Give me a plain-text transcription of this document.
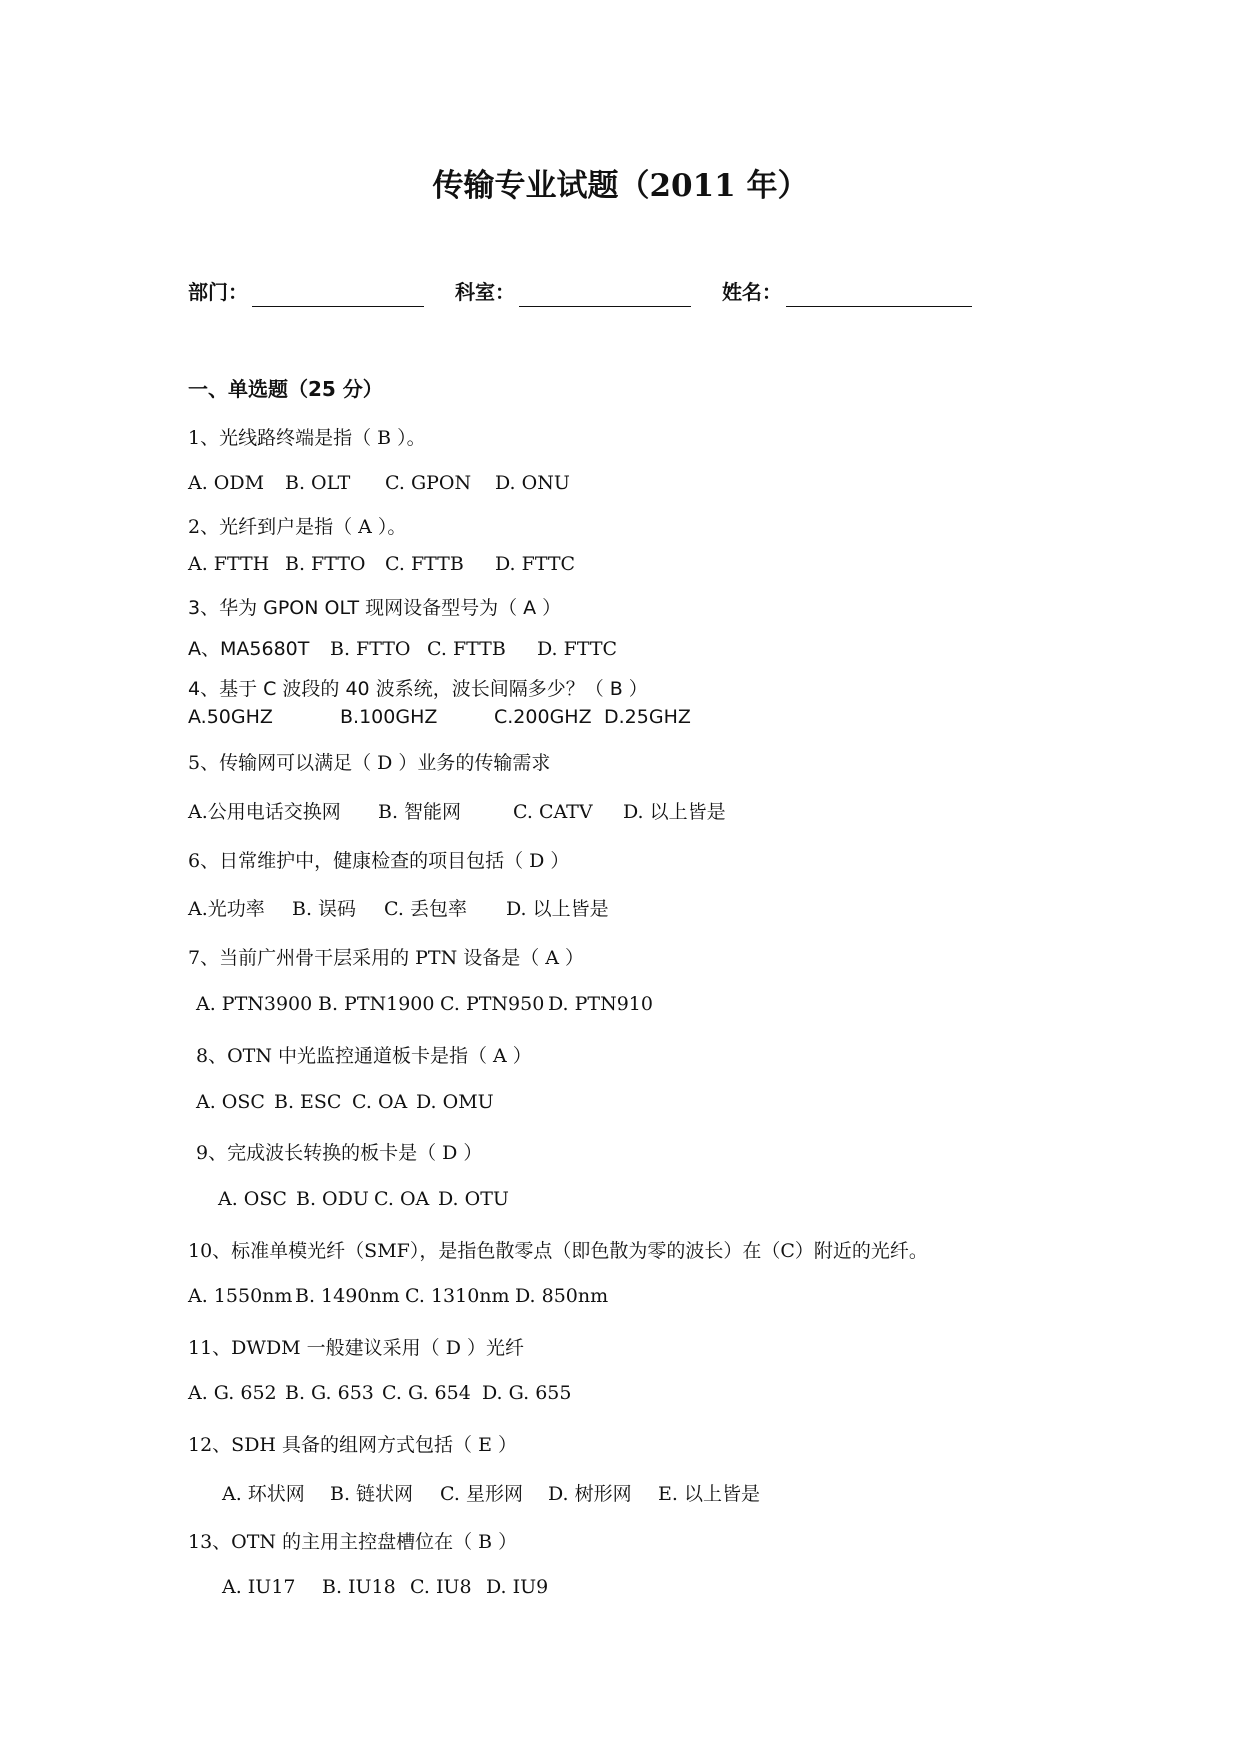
传输专业试题（2011 年）
部门：	科室：	姓名：
一、单选题（25 分）
1、光线路终端是指（ B ）。
A. ODM B. OLT C. GPON D. ONU
2、光纤到户是指（ A ）。
A. FTTH B. FTTO C. FTTB D. FTTC
3、华为 GPON OLT 现网设备型号为（ A ）
A、MA5680T B. FTTO C. FTTB D. FTTC
4、基于 C 波段的 40 波系统，波长间隔多少？（ B ）
A.50GHZ	B.100GHZ	C.200GHZ D.25GHZ
5、传输网可以满足（ D ）业务的传输需求
A.公用电话交换网 B. 智能网	C. CATV D. 以上皆是
6、日常维护中，健康检查的项目包括（ D ）
A.光功率 B. 误码 C. 丢包率 D. 以上皆是
7、当前广州骨干层采用的 PTN 设备是（ A ）
A. PTN3900 B. PTN1900 C. PTN950 D. PTN910
8、OTN 中光监控通道板卡是指（ A ）
A. OSC B. ESC C. OA D. OMU
9、完成波长转换的板卡是（ D ）
A. OSC B. ODU C. OA D. OTU
10、标准单模光纤（SMF），是指色散零点（即色散为零的波长）在（C）附近的光纤。
A. 1550nm B. 1490nm C. 1310nm D. 850nm
11、DWDM 一般建议采用（ D ）光纤
A. G. 652 B. G. 653 C. G. 654 D. G. 655
12、SDH 具备的组网方式包括（ E ）
A. 环状网 B. 链状网 C. 星形网 D. 树形网 E. 以上皆是
13、OTN 的主用主控盘槽位在（ B ）
A. IU17 B. IU18 C. IU8 D. IU9
